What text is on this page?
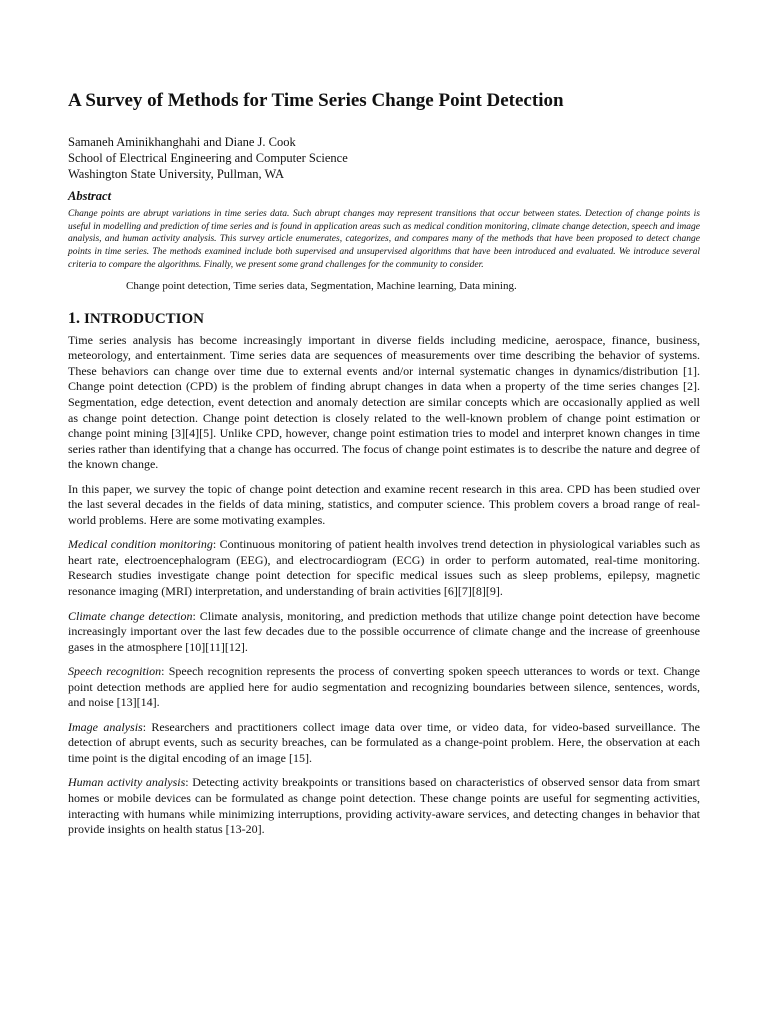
A Survey of Methods for Time Series Change Point Detection
Samaneh Aminikhanghahi and Diane J. Cook
School of Electrical Engineering and Computer Science
Washington State University, Pullman, WA
Abstract

Change points are abrupt variations in time series data. Such abrupt changes may represent transitions that occur between states. Detection of change points is useful in modelling and prediction of time series and is found in application areas such as medical condition monitoring, climate change detection, speech and image analysis, and human activity analysis. This survey article enumerates, categorizes, and compares many of the methods that have been proposed to detect change points in time series. The methods examined include both supervised and unsupervised algorithms that have been introduced and evaluated. We introduce several criteria to compare the algorithms. Finally, we present some grand challenges for the community to consider.

Change point detection, Time series data, Segmentation, Machine learning, Data mining.
1. INTRODUCTION

Time series analysis has become increasingly important in diverse fields including medicine, aerospace, finance, business, meteorology, and entertainment. Time series data are sequences of measurements over time describing the behavior of systems. These behaviors can change over time due to external events and/or internal systematic changes in dynamics/distribution [1]. Change point detection (CPD) is the problem of finding abrupt changes in data when a property of the time series changes [2]. Segmentation, edge detection, event detection and anomaly detection are similar concepts which are occasionally applied as well as change point detection. Change point detection is closely related to the well-known problem of change point estimation or change point mining [3][4][5]. Unlike CPD, however, change point estimation tries to model and interpret known changes in time series rather than identifying that a change has occurred. The focus of change point estimates is to describe the nature and degree of the known change.

In this paper, we survey the topic of change point detection and examine recent research in this area. CPD has been studied over the last several decades in the fields of data mining, statistics, and computer science. This problem covers a broad range of real-world problems. Here are some motivating examples.

Medical condition monitoring: Continuous monitoring of patient health involves trend detection in physiological variables such as heart rate, electroencephalogram (EEG), and electrocardiogram (ECG) in order to perform automated, real-time monitoring. Research studies investigate change point detection for specific medical issues such as sleep problems, epilepsy, magnetic resonance imaging (MRI) interpretation, and understanding of brain activities [6][7][8][9].

Climate change detection: Climate analysis, monitoring, and prediction methods that utilize change point detection have become increasingly important over the last few decades due to the possible occurrence of climate change and the increase of greenhouse gases in the atmosphere [10][11][12].

Speech recognition: Speech recognition represents the process of converting spoken speech utterances to words or text. Change point detection methods are applied here for audio segmentation and recognizing boundaries between silence, sentences, words, and noise [13][14].

Image analysis: Researchers and practitioners collect image data over time, or video data, for video-based surveillance. The detection of abrupt events, such as security breaches, can be formulated as a change-point problem. Here, the observation at each time point is the digital encoding of an image [15].

Human activity analysis: Detecting activity breakpoints or transitions based on characteristics of observed sensor data from smart homes or mobile devices can be formulated as change point detection. These change points are useful for segmenting activities, interacting with humans while minimizing interruptions, providing activity-aware services, and detecting changes in behavior that provide insights on health status [13-20].
